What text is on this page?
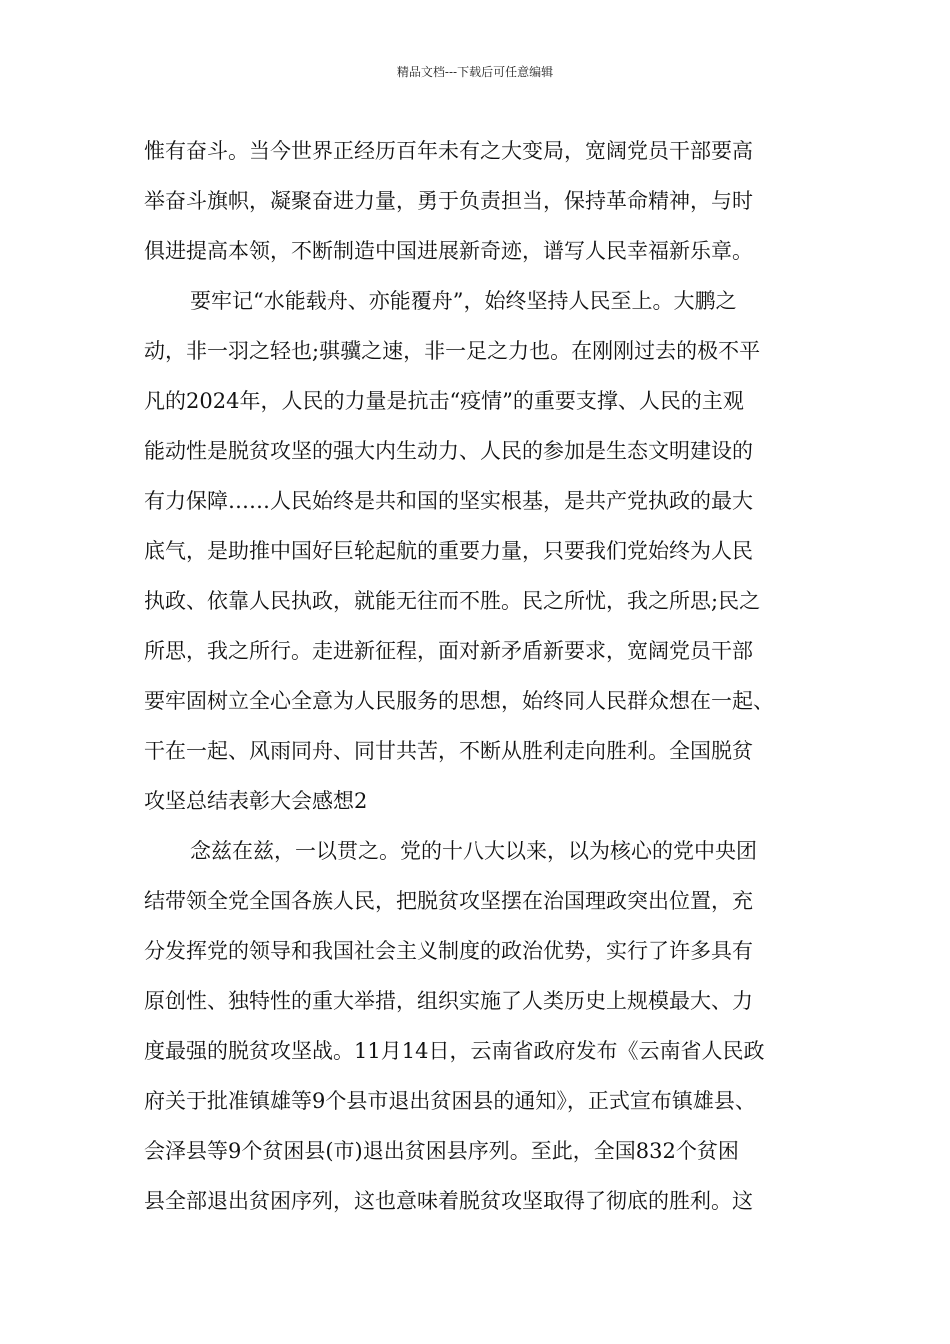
精品文档---下载后可任意编辑
惟有奋斗。当今世界正经历百年未有之大变局，宽阔党员干部要高
举奋斗旗帜，凝聚奋进力量，勇于负责担当，保持革命精神，与时
俱进提高本领，不断制造中国进展新奇迹，谱写人民幸福新乐章。
要牢记“水能载舟、亦能覆舟”，始终坚持人民至上。大鹏之
动，非一羽之轻也;骐骥之速，非一足之力也。在刚刚过去的极不平
凡的2024年，人民的力量是抗击“疫情”的重要支撑、人民的主观
能动性是脱贫攻坚的强大内生动力、人民的参加是生态文明建设的
有力保障……人民始终是共和国的坚实根基，是共产党执政的最大
底气，是助推中国好巨轮起航的重要力量，只要我们党始终为人民
执政、依靠人民执政，就能无往而不胜。民之所忧，我之所思;民之
所思，我之所行。走进新征程，面对新矛盾新要求，宽阔党员干部
要牢固树立全心全意为人民服务的思想，始终同人民群众想在一起、
干在一起、风雨同舟、同甘共苦，不断从胜利走向胜利。全国脱贫
攻坚总结表彰大会感想2
念兹在兹，一以贯之。党的十八大以来，以为核心的党中央团
结带领全党全国各族人民，把脱贫攻坚摆在治国理政突出位置，充
分发挥党的领导和我国社会主义制度的政治优势，实行了许多具有
原创性、独特性的重大举措，组织实施了人类历史上规模最大、力
度最强的脱贫攻坚战。11月14日，云南省政府发布《云南省人民政
府关于批准镇雄等9个县市退出贫困县的通知》，正式宣布镇雄县、
会泽县等9个贫困县(市)退出贫困县序列。至此，全国832个贫困
县全部退出贫困序列，这也意味着脱贫攻坚取得了彻底的胜利。这
